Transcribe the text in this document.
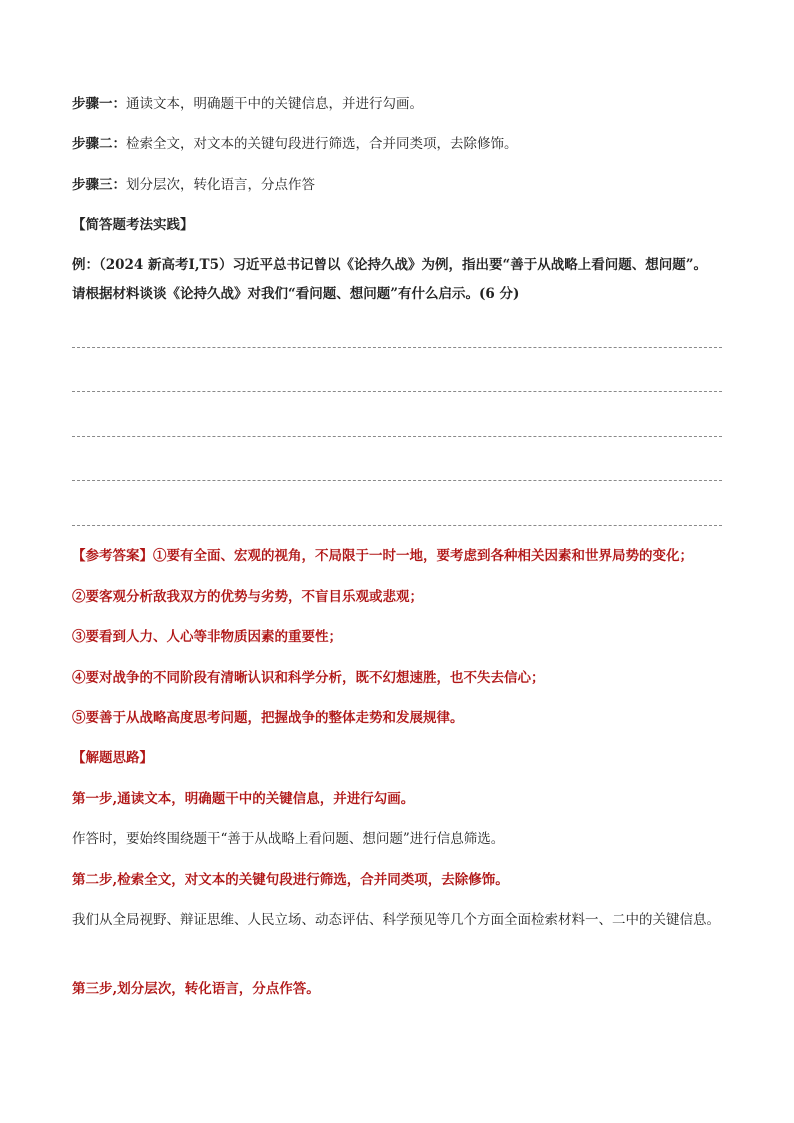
步骤一：通读文本，明确题干中的关键信息，并进行勾画。

步骤二：检索全文，对文本的关键句段进行筛选，合并同类项，去除修饰。

步骤三：划分层次，转化语言，分点作答

【简答题考法实践】

例：（2024 新高考Ⅰ,T5）习近平总书记曾以《论持久战》为例，指出要“善于从战略上看问题、想问题”。

请根据材料谈谈《论持久战》对我们“看问题、想问题”有什么启示。(6 分)

【参考答案】①要有全面、宏观的视角，不局限于一时一地，要考虑到各种相关因素和世界局势的变化；

②要客观分析敌我双方的优势与劣势，不盲目乐观或悲观；

③要看到人力、人心等非物质因素的重要性；

④要对战争的不同阶段有清晰认识和科学分析，既不幻想速胜，也不失去信心；

⑤要善于从战略高度思考问题，把握战争的整体走势和发展规律。

【解题思路】

第一步,通读文本，明确题干中的关键信息，并进行勾画。

作答时，要始终围绕题干“善于从战略上看问题、想问题”进行信息筛选。

第二步,检索全文，对文本的关键句段进行筛选，合并同类项，去除修饰。

我们从全局视野、辩证思维、人民立场、动态评估、科学预见等几个方面全面检索材料一、二中的关键信息。

第三步,划分层次，转化语言，分点作答。
